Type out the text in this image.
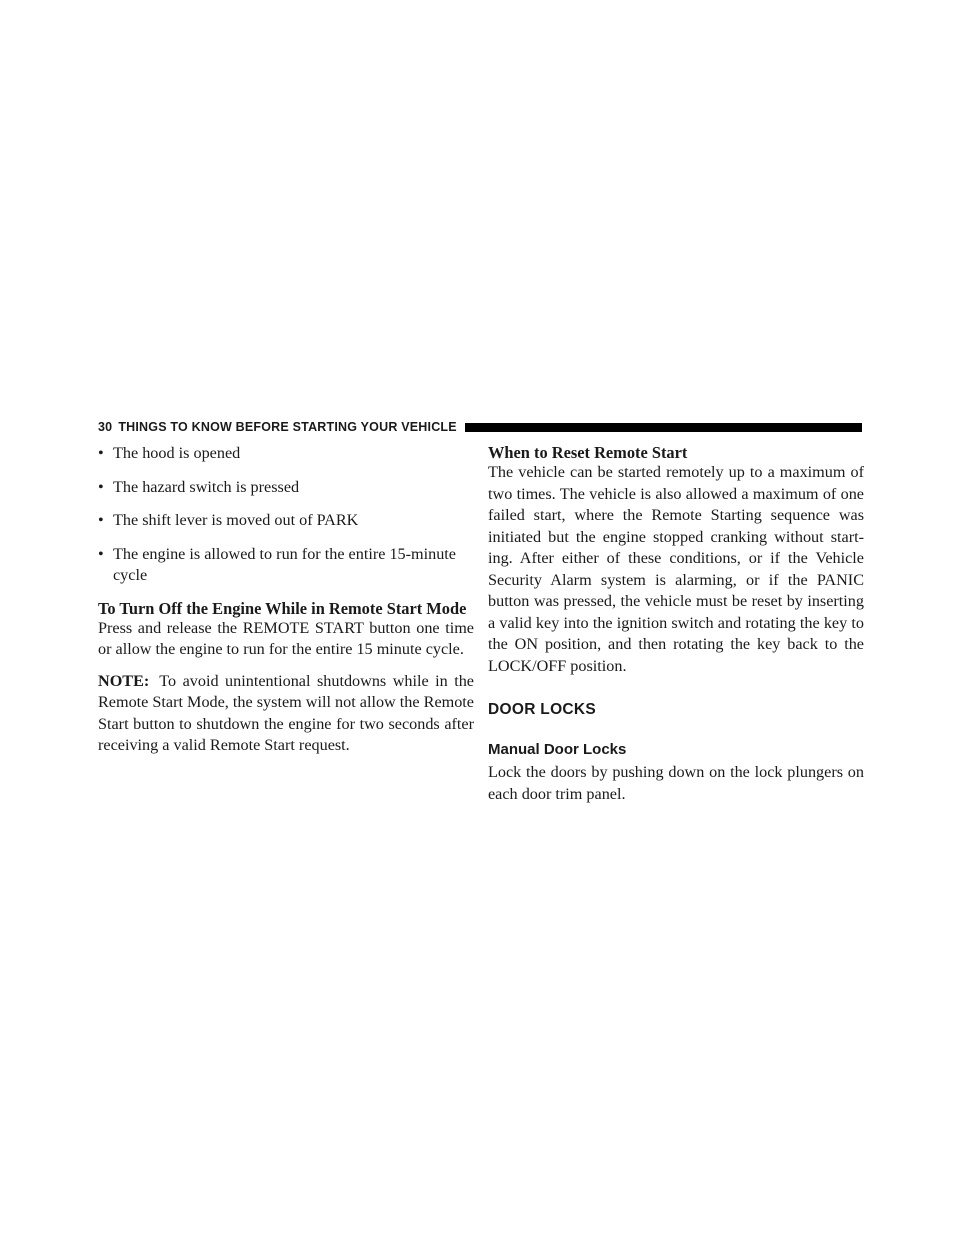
30 THINGS TO KNOW BEFORE STARTING YOUR VEHICLE
• The hood is opened
• The hazard switch is pressed
• The shift lever is moved out of PARK
• The engine is allowed to run for the entire 15-minute cycle
To Turn Off the Engine While in Remote Start Mode

Press and release the REMOTE START button one time or allow the engine to run for the entire 15 minute cycle.

NOTE: To avoid unintentional shutdowns while in the Remote Start Mode, the system will not allow the Remote Start button to shutdown the engine for two seconds after receiving a valid Remote Start request.

When to Reset Remote Start

The vehicle can be started remotely up to a maximum of two times. The vehicle is also allowed a maximum of one failed start, where the Remote Starting sequence was initiated but the engine stopped cranking without start-ing. After either of these conditions, or if the Vehicle Security Alarm system is alarming, or if the PANIC button was pressed, the vehicle must be reset by inserting a valid key into the ignition switch and rotating the key to the ON position, and then rotating the key back to the LOCK/OFF position.

DOOR LOCKS
Manual Door Locks

Lock the doors by pushing down on the lock plungers on each door trim panel.
